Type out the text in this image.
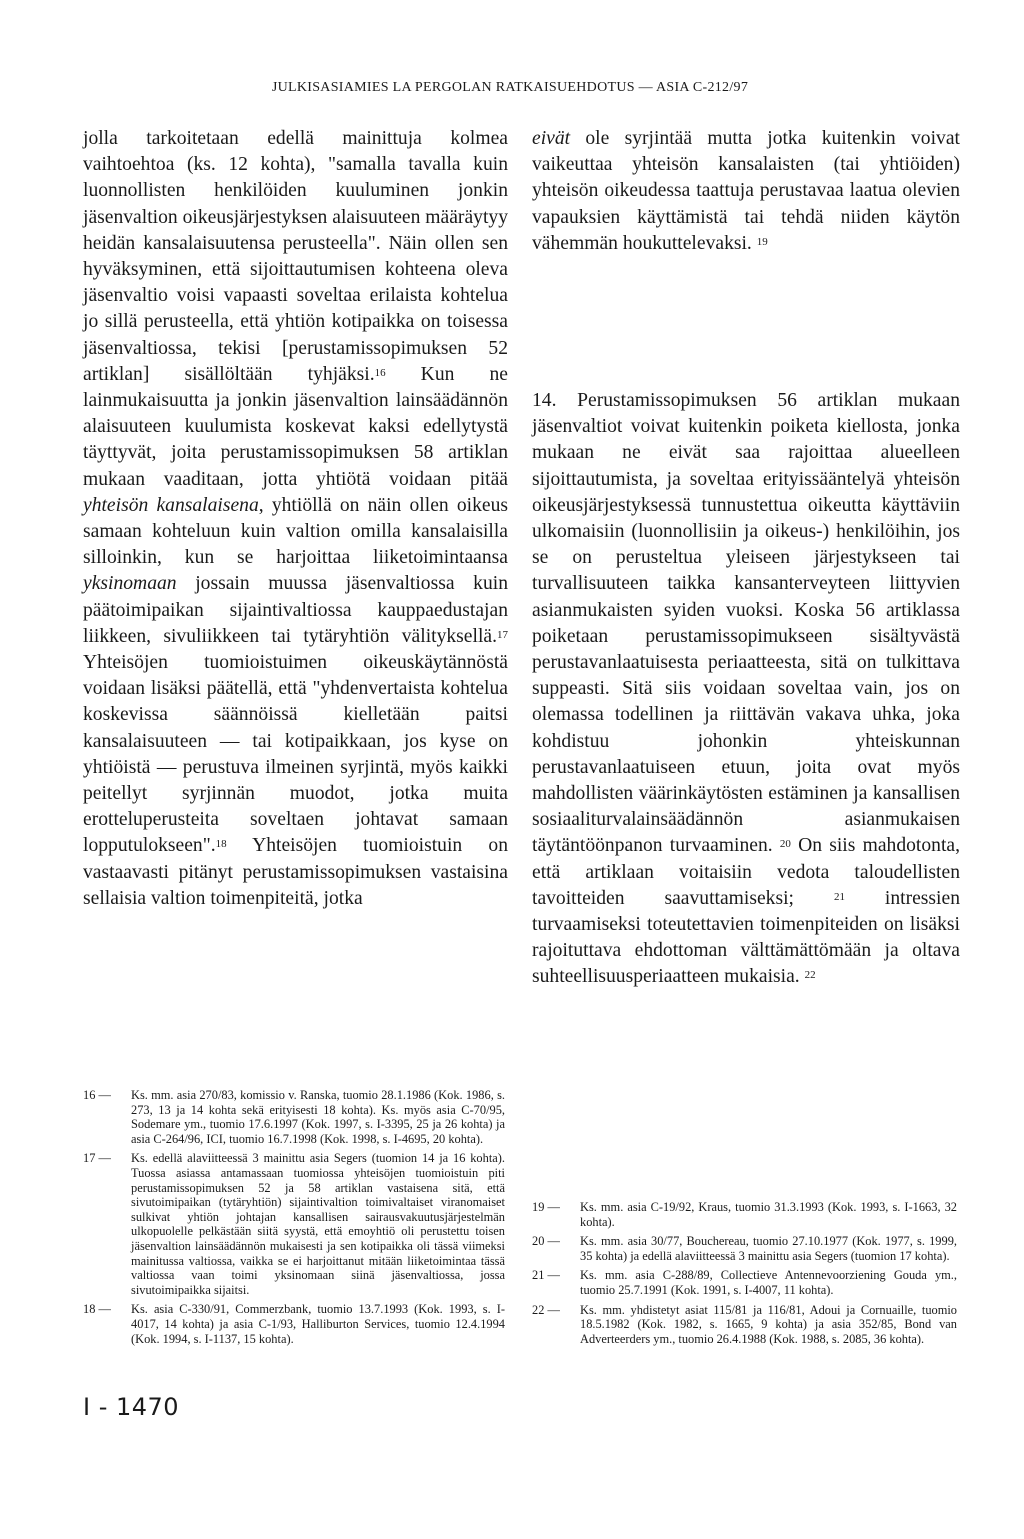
JULKISASIAMIES LA PERGOLAN RATKAISUEHDOTUS — ASIA C-212/97

jolla tarkoitetaan edellä mainittuja kolmea vaihtoehtoa (ks. 12 kohta), "samalla tavalla kuin luonnollisten henkilöiden kuuluminen jonkin jäsenvaltion oikeusjärjestyksen alaisuuteen määräytyy heidän kansalaisuutensa perusteella". Näin ollen sen hyväksyminen, että sijoittautumisen kohteena oleva jäsenvaltio voisi vapaasti soveltaa erilaista kohtelua jo sillä perusteella, että yhtiön kotipaikka on toisessa jäsenvaltiossa, tekisi [perustamissopimuksen 52 artiklan] sisällöltään tyhjäksi.$^{16}$ Kun ne lainmukaisuutta ja jonkin jäsenvaltion lainsäädännön alaisuuteen kuulumista koskevat kaksi edellytystä täyttyvät, joita perustamissopimuksen 58 artiklan mukaan vaaditaan, jotta yhtiötä voidaan pitää yhteisön kansalaisena, yhtiöllä on näin ollen oikeus samaan kohteluun kuin valtion omilla kansalaisilla silloinkin, kun se harjoittaa liiketoimintaansa yksinomaan jossain muussa jäsenvaltiossa kuin päätoimipaikan sijaintivaltiossa kauppaedustajan liikkeen, sivuliikkeen tai tytäryhtiön välityksellä.$^{17}$ Yhteisöjen tuomioistuimen oikeuskäytännöstä voidaan lisäksi päätellä, että "yhdenvertaista kohtelua koskevissa säännöissä kielletään paitsi kansalaisuuteen — tai kotipaikkaan, jos kyse on yhtiöistä — perustuva ilmeinen syrjintä, myös kaikki peitellyt syrjinnän muodot, jotka muita erotteluperusteita soveltaen johtavat samaan lopputulokseen".$^{18}$ Yhteisöjen tuomioistuin on vastaavasti pitänyt perustamissopimuksen vastaisina sellaisia valtion toimenpiteitä, jotka

eivät ole syrjintää mutta jotka kuitenkin voivat vaikeuttaa yhteisön kansalaisten (tai yhtiöiden) yhteisön oikeudessa taattuja perustavaa laatua olevien vapauksien käyttämistä tai tehdä niiden käytön vähemmän houkuttelevaksi. $^{19}$

14. Perustamissopimuksen 56 artiklan mukaan jäsenvaltiot voivat kuitenkin poiketa kiellosta, jonka mukaan ne eivät saa rajoittaa alueelleen sijoittautumista, ja soveltaa erityissääntelyä yhteisön oikeusjärjestyksessä tunnustettua oikeutta käyttäviin ulkomaisiin (luonnollisiin ja oikeus-) henkilöihin, jos se on perusteltua yleiseen järjestykseen tai turvallisuuteen taikka kansanterveyteen liittyvien asianmukaisten syiden vuoksi. Koska 56 artiklassa poiketaan perustamissopimukseen sisältyvästä perustavanlaatuisesta periaatteesta, sitä on tulkittava suppeasti. Sitä siis voidaan soveltaa vain, jos on olemassa todellinen ja riittävän vakava uhka, joka kohdistuu johonkin yhteiskunnan perustavanlaatuiseen etuun, joita ovat myös mahdollisten väärinkäytösten estäminen ja kansallisen sosiaaliturvalainsäädännön asianmukaisen täytäntöönpanon turvaaminen. $^{20}$ On siis mahdotonta, että artiklaan voitaisiin vedota taloudellisten tavoitteiden saavuttamiseksi;	$^{21}$ intressien turvaamiseksi toteutettavien toimenpiteiden on lisäksi rajoituttava ehdottoman välttämättömään ja oltava suhteellisuusperiaatteen mukaisia. $^{22}$

16 —	Ks. mm. asia 270/83, komissio v. Ranska, tuomio 28.1.1986 (Kok. 1986, s. 273, 13 ja 14 kohta sekä erityisesti 18 kohta). Ks. myös asia C-70/95, Sodemare ym., tuomio 17.6.1997 (Kok. 1997, s. I-3395, 25 ja 26 kohta) ja asia C-264/96, ICI, tuomio 16.7.1998 (Kok. 1998, s. I-4695, 20 kohta).
17 —	Ks. edellä alaviitteessä 3 mainittu asia Segers (tuomion 14 ja 16 kohta). Tuossa asiassa antamassaan tuomiossa yhteisöjen tuomioistuin piti perustamissopimuksen 52 ja 58 artiklan vastaisena sitä, että sivutoimipaikan (tytäryhtiön) sijaintivaltion toimivaltaiset viranomaiset sulkivat yhtiön johtajan kansallisen sairausvakuutusjärjestelmän ulkopuolelle pelkästään siitä syystä, että emoyhtiö oli perustettu toisen jäsenvaltion lainsäädännön mukaisesti ja sen kotipaikka oli tässä viimeksi mainitussa valtiossa, vaikka se ei harjoittanut mitään liiketoimintaa tässä valtiossa vaan toimi yksinomaan siinä jäsenvaltiossa, jossa sivutoimipaikka sijaitsi.
18 —	Ks. asia C-330/91, Commerzbank, tuomio 13.7.1993 (Kok. 1993, s. I-4017, 14 kohta) ja asia C-1/93, Halliburton Services, tuomio 12.4.1994 (Kok. 1994, s. I-1137, 15 kohta).
19 —	Ks. mm. asia C-19/92, Kraus, tuomio 31.3.1993 (Kok. 1993, s. I-1663, 32 kohta).
20 —	Ks. mm. asia 30/77, Bouchereau, tuomio 27.10.1977 (Kok. 1977, s. 1999, 35 kohta) ja edellä alaviitteessä 3 mainittu asia Segers (tuomion 17 kohta).
21 —	Ks. mm. asia C-288/89, Collectieve Antennevoorziening Gouda ym., tuomio 25.7.1991 (Kok. 1991, s. I-4007, 11 kohta).
22 —	Ks. mm. yhdistetyt asiat 115/81 ja 116/81, Adoui ja Cornuaille, tuomio 18.5.1982 (Kok. 1982, s. 1665, 9 kohta) ja asia 352/85, Bond van Adverteerders ym., tuomio 26.4.1988 (Kok. 1988, s. 2085, 36 kohta).
I - 1470
